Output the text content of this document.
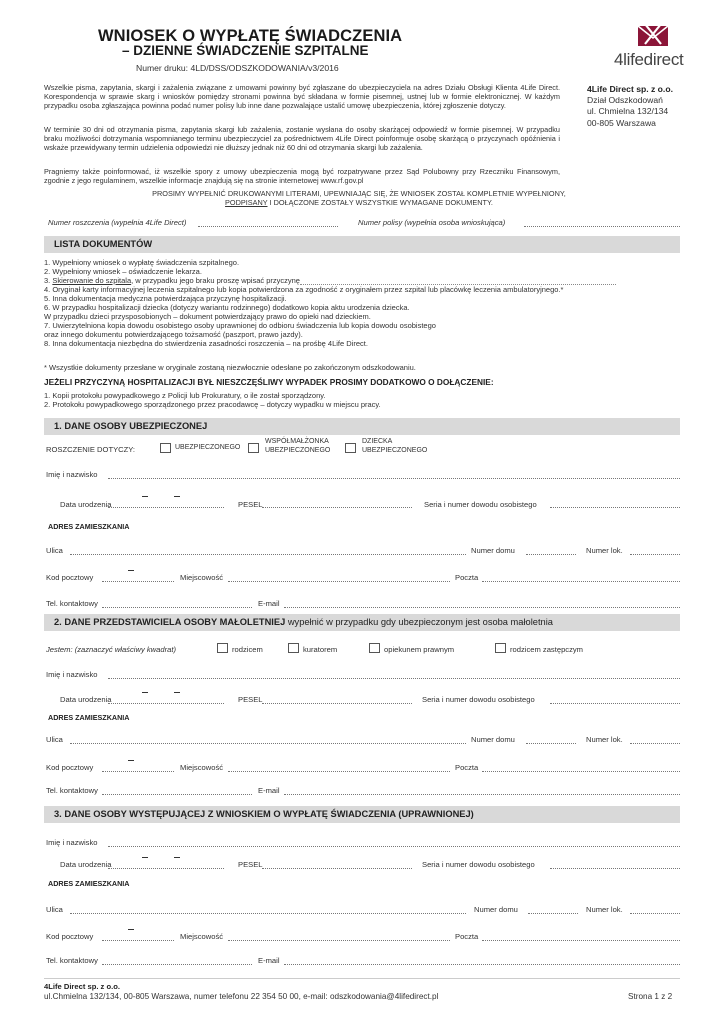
WNIOSEK O WYPŁATĘ ŚWIADCZENIA
– DZIENNE ŚWIADCZENIE SZPITALNE
Numer druku: 4LD/DSS/ODSZKODOWANIA/v3/2016	4lifedirect
4Life Direct sp. z o.o.
Dział Odszkodowań
ul. Chmielna 132/134
00-805 Warszawa
Wszelkie pisma, zapytania, skargi i zażalenia związane z umowami powinny być zgłaszane do ubezpieczyciela na adres Działu Obsługi Klienta 4Life Direct. Korespondencja w sprawie skarg i wniosków pomiędzy stronami powinna być składana w formie pisemnej, ustnej lub w formie elektronicznej. W każdym przypadku osoba zgłaszająca powinna podać numer polisy lub inne dane pozwalające ustalić umowę ubezpieczenia, której zgłoszenie dotyczy.
W terminie 30 dni od otrzymania pisma, zapytania skargi lub zażalenia, zostanie wysłana do osoby skarżącej odpowiedź w formie pisemnej. W przypadku braku możliwości dotrzymania wspomnianego terminu ubezpieczyciel za pośrednictwem 4Life Direct poinformuje osobę skarżącą o przyczynach opóźnienia i wskaże przewidywany termin udzielenia odpowiedzi nie dłuższy jednak niż 60 dni od otrzymania skargi lub zażalenia.
Pragniemy także poinformować, iż wszelkie spory z umowy ubezpieczenia mogą być rozpatrywane przez Sąd Polubowny przy Rzeczniku Finansowym, zgodnie z jego regulaminem, wszelkie informacje znajdują się na stronie internetowej www.rf.gov.pl
PROSIMY WYPEŁNIĆ DRUKOWANYMI LITERAMI, UPEWNIAJĄC SIĘ, ŻE WNIOSEK ZOSTAŁ KOMPLETNIE WYPEŁNIONY,
PODPISANY I DOŁĄCZONE ZOSTAŁY WSZYSTKIE WYMAGANE DOKUMENTY.
Numer roszczenia (wypełnia 4Life Direct)	Numer polisy (wypełnia osoba wnioskująca)
LISTA DOKUMENTÓW
1. Wypełniony wniosek o wypłatę świadczenia szpitalnego.
2. Wypełniony wniosek – oświadczenie lekarza.
3. Skierowanie do szpitala, w przypadku jego braku proszę wpisać przyczynę
4. Oryginał karty informacyjnej leczenia szpitalnego lub kopia potwierdzona za zgodność z oryginałem przez szpital lub placówkę leczenia ambulatoryjnego.*
5. Inna dokumentacja medyczna potwierdzająca przyczynę hospitalizacji.
6. W przypadku hospitalizacji dziecka (dotyczy wariantu rodzinnego) dodatkowo kopia aktu urodzenia dziecka.
W przypadku dzieci przysposobionych – dokument potwierdzający prawo do opieki nad dzieckiem.
7. Uwierzytelniona kopia dowodu osobistego osoby uprawnionej do odbioru świadczenia lub kopia dowodu osobistego
oraz innego dokumentu potwierdzającego tożsamość (paszport, prawo jazdy).
8. Inna dokumentacja niezbędna do stwierdzenia zasadności roszczenia – na prośbę 4Life Direct.
* Wszystkie dokumenty przesłane w oryginale zostaną niezwłocznie odesłane po zakończonym odszkodowaniu.
JEŻELI PRZYCZYNĄ HOSPITALIZACJI BYŁ NIESZCZĘŚLIWY WYPADEK PROSIMY DODATKOWO O DOŁĄCZENIE:
1. Kopii protokołu powypadkowego z Policji lub Prokuratury, o ile został sporządzony.
2. Protokołu powypadkowego sporządzonego przez pracodawcę – dotyczy wypadku w miejscu pracy.
1. DANE OSOBY UBEZPIECZONEJ
ROSZCZENIE DOTYCZY:	UBEZPIECZONEGO
WSPÓŁMAŁŻONKA
UBEZPIECZONEGO
DZIECKA
UBEZPIECZONEGO
Imię i nazwisko
Data urodzenia	PESEL	Seria i numer dowodu osobistego
ADRES ZAMIESZKANIA
Ulica	Numer domu	Numer lok.
Kod pocztowy	Miejscowość	Poczta
Tel. kontaktowy	E-mail
2. DANE PRZEDSTAWICIELA OSOBY MAŁOLETNIEJ wypełnić w przypadku gdy ubezpieczonym jest osoba małoletnia
Jestem: (zaznaczyć właściwy kwadrat)	rodzicem	kuratorem	opiekunem prawnym	rodzicem zastępczym
Imię i nazwisko
Data urodzenia	PESEL	Seria i numer dowodu osobistego
ADRES ZAMIESZKANIA
Ulica	Numer domu	Numer lok.
Kod pocztowy	Miejscowość	Poczta
Tel. kontaktowy	E-mail
3. DANE OSOBY WYSTĘPUJĄCEJ Z WNIOSKIEM O WYPŁATĘ ŚWIADCZENIA (UPRAWNIONEJ)
Imię i nazwisko
Data urodzenia	PESEL	Seria i numer dowodu osobistego
ADRES ZAMIESZKANIA
Ulica	Numer domu	Numer lok.
Kod pocztowy	Miejscowość	Poczta
Tel. kontaktowy	E-mail
4Life Direct sp. z o.o.
ul.Chmielna 132/134, 00-805 Warszawa, numer telefonu 22 354 50 00, e-mail: odszkodowania@4lifedirect.pl	Strona 1 z 2
